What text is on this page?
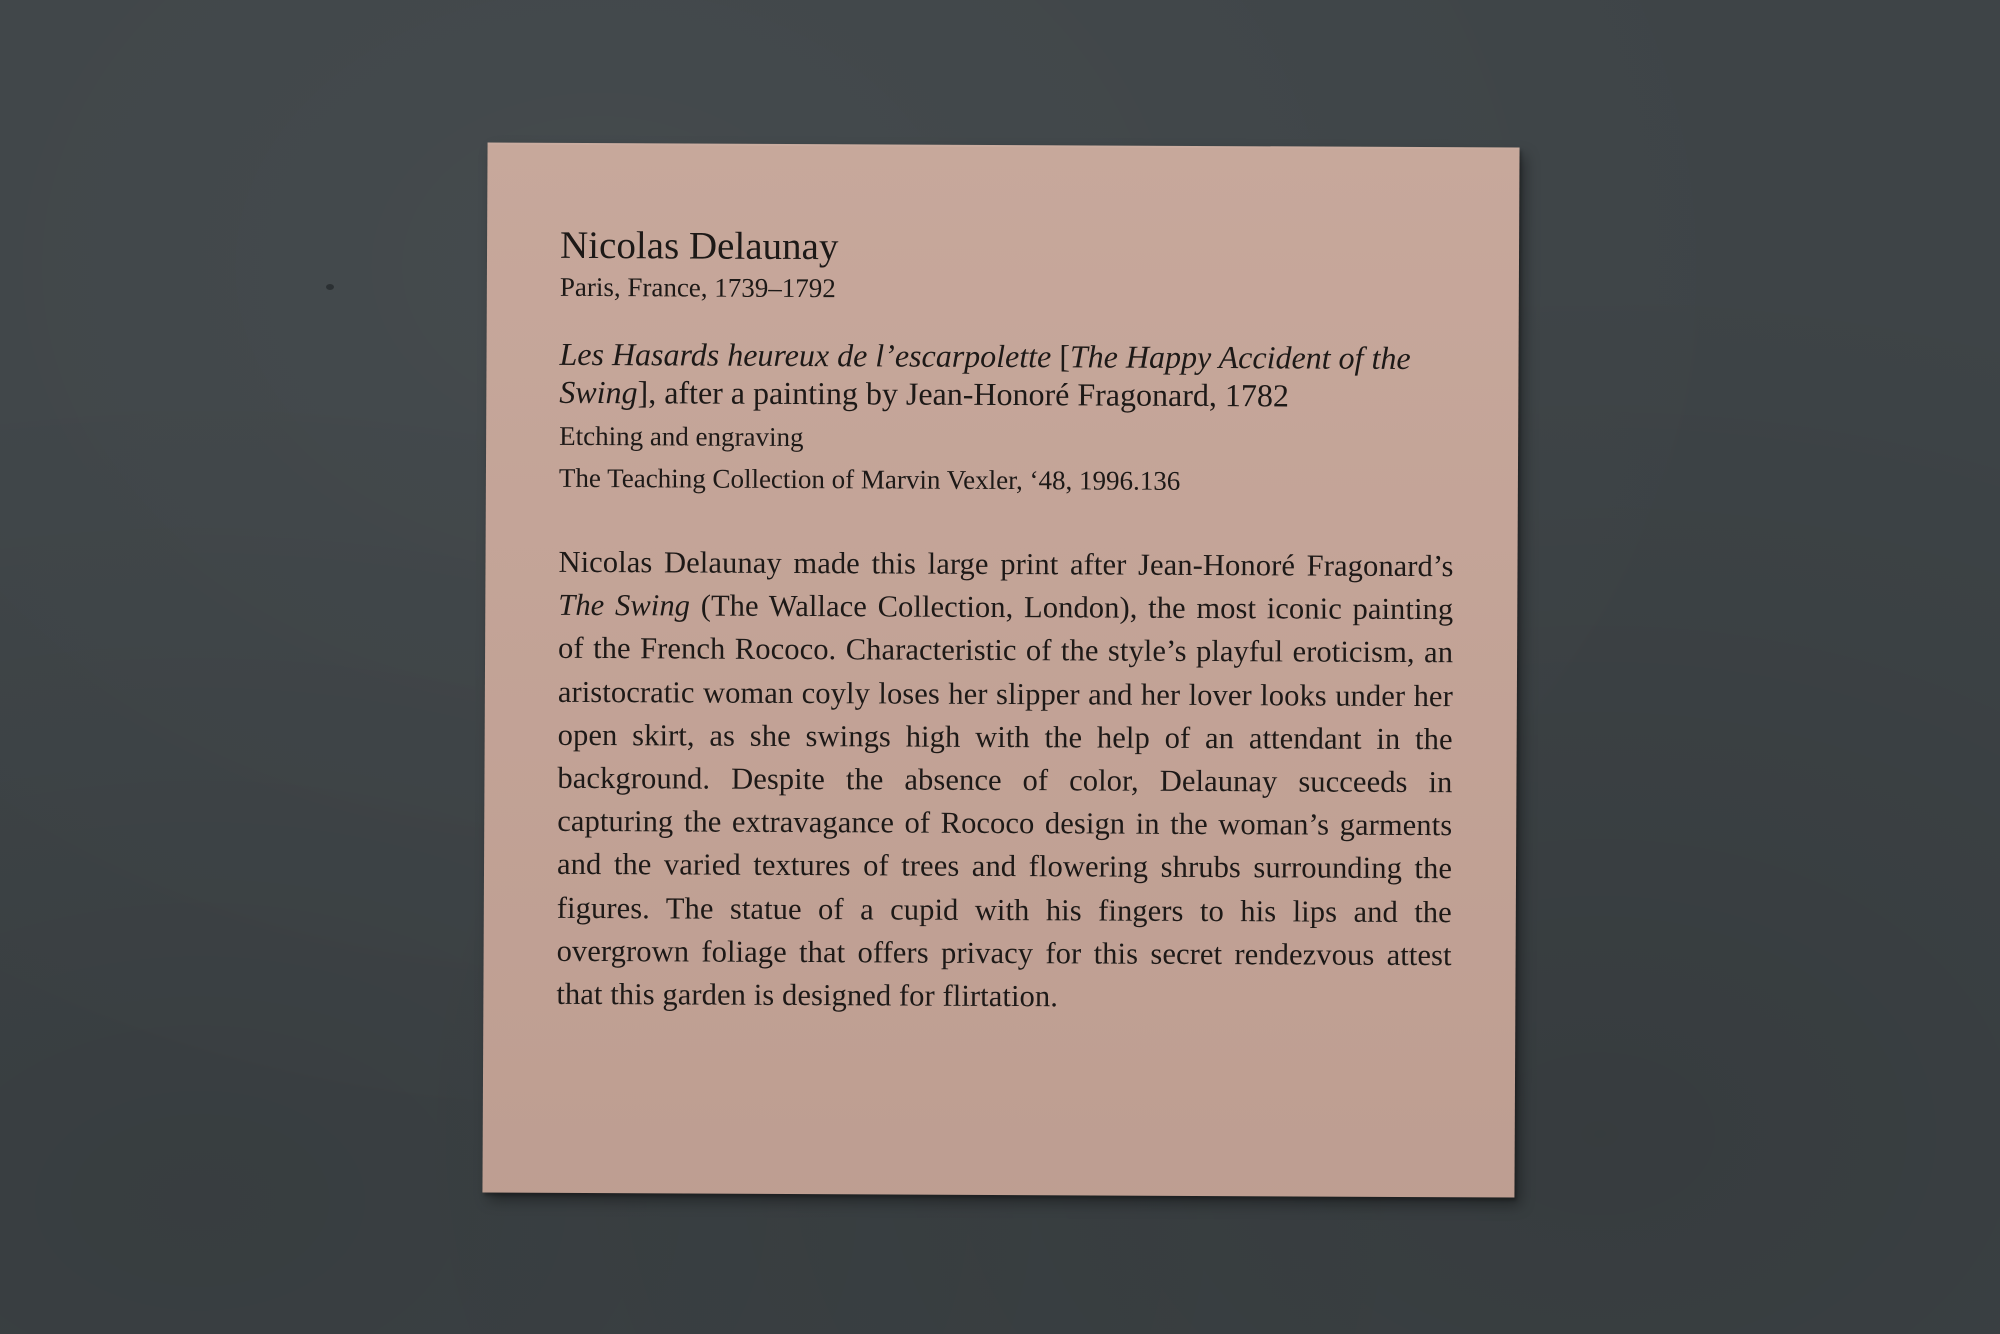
Nicolas Delaunay

Paris, France, 1739–1792

Les Hasards heureux de l’escarpolette [The Happy Accident of the Swing], after a painting by Jean-Honoré Fragonard, 1782

Etching and engraving

The Teaching Collection of Marvin Vexler, ‘48, 1996.136

Nicolas Delaunay made this large print after Jean-Honoré Fragonard’s The Swing (The Wallace Collection, London), the most iconic painting of the French Rococo. Characteristic of the style’s playful eroticism, an aristocratic woman coyly loses her slipper and her lover looks under her open skirt, as she swings high with the help of an attendant in the background. Despite the absence of color, Delaunay succeeds in capturing the extravagance of Rococo design in the woman’s garments and the varied textures of trees and flowering shrubs surrounding the figures. The statue of a cupid with his fingers to his lips and the overgrown foliage that offers privacy for this secret rendezvous attest that this garden is designed for flirtation.
